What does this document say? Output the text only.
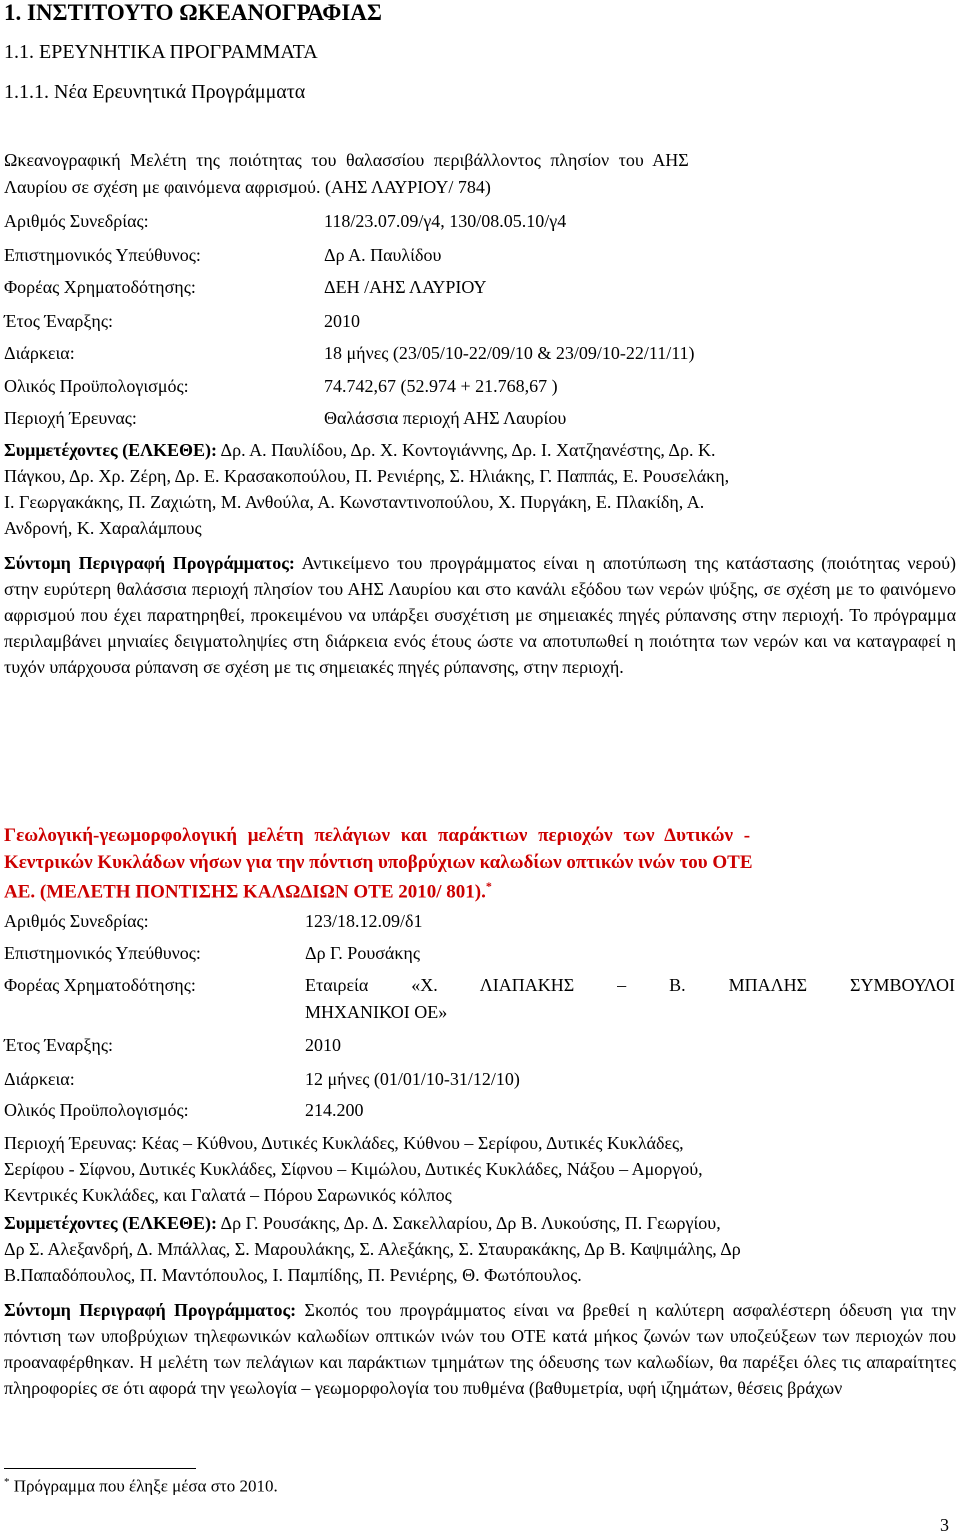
1. ΙΝΣΤΙΤΟΥΤΟ ΩΚΕΑΝΟΓΡΑΦΙΑΣ
1.1. ΕΡΕΥΝΗΤΙΚΑ ΠΡΟΓΡΑΜΜΑΤΑ
1.1.1. Νέα Ερευνητικά Προγράμματα
Ωκεανογραφική Μελέτη της ποιότητας του θαλασσίου περιβάλλοντος πλησίον του ΑΗΣ
Λαυρίου σε σχέση με φαινόμενα αφρισμού. (ΑΗΣ ΛΑΥΡΙΟΥ/ 784)
Αριθμός Συνεδρίας:	118/23.07.09/γ4, 130/08.05.10/γ4
Επιστημονικός Υπεύθυνος:	Δρ Α. Παυλίδου
Φορέας Χρηματοδότησης:	ΔΕΗ /ΑΗΣ ΛΑΥΡΙΟΥ
Έτος Έναρξης:	2010
Διάρκεια:	18 μήνες (23/05/10-22/09/10 & 23/09/10-22/11/11)
Ολικός Προϋπολογισμός:	74.742,67 (52.974 + 21.768,67 )
Περιοχή Έρευνας:	Θαλάσσια περιοχή ΑΗΣ Λαυρίου
Συμμετέχοντες (ΕΛΚΕΘΕ): Δρ. Α. Παυλίδου, Δρ. Χ. Κοντογιάννης, Δρ. Ι. Χατζηανέστης, Δρ. Κ.
Πάγκου, Δρ. Χρ. Ζέρη, Δρ. Ε. Κρασακοπούλου, Π. Ρενιέρης, Σ. Ηλιάκης, Γ. Παππάς, Ε. Ρουσελάκη,
Ι. Γεωργακάκης, Π. Ζαχιώτη, Μ. Ανθούλα, Α. Κωνσταντινοπούλου, Χ. Πυργάκη, Ε. Πλακίδη, Α.
Ανδρονή, Κ. Χαραλάμπους
Σύντομη Περιγραφή Προγράμματος: Αντικείμενο του προγράμματος είναι η αποτύπωση της κατάστασης (ποιότητας νερού) στην ευρύτερη θαλάσσια περιοχή πλησίον του ΑΗΣ Λαυρίου και στο κανάλι εξόδου των νερών ψύξης, σε σχέση με το φαινόμενο αφρισμού που έχει παρατηρηθεί, προκειμένου να υπάρξει συσχέτιση με σημειακές πηγές ρύπανσης στην περιοχή. Το πρόγραμμα περιλαμβάνει μηνιαίες δειγματοληψίες στη διάρκεια ενός έτους ώστε να αποτυπωθεί η ποιότητα των νερών και να καταγραφεί η τυχόν υπάρχουσα ρύπανση σε σχέση με τις σημειακές πηγές ρύπανσης, στην περιοχή.
Γεωλογική-γεωμορφολογική μελέτη πελάγιων και παράκτιων περιοχών των Δυτικών -
Κεντρικών Κυκλάδων νήσων για την πόντιση υποβρύχιων καλωδίων οπτικών ινών του ΟΤΕ
ΑΕ. (ΜΕΛΕΤΗ ΠΟΝΤΙΣΗΣ ΚΑΛΩΔΙΩΝ ΟΤΕ 2010/ 801).*
Αριθμός Συνεδρίας:	123/18.12.09/δ1
Επιστημονικός Υπεύθυνος:	Δρ Γ. Ρουσάκης
Φορέας Χρηματοδότησης:	Εταιρεία «Χ. ΛΙΑΠΑΚΗΣ – Β. ΜΠΑΛΗΣ ΣΥΜΒΟΥΛΟΙ
ΜΗΧΑΝΙΚΟΙ ΟΕ»
Έτος Έναρξης:	2010
Διάρκεια:	12 μήνες (01/01/10-31/12/10)
Ολικός Προϋπολογισμός:	214.200
Περιοχή Έρευνας: Κέας – Κύθνου, Δυτικές Κυκλάδες, Κύθνου – Σερίφου, Δυτικές Κυκλάδες,
Σερίφου - Σίφνου, Δυτικές Κυκλάδες, Σίφνου – Κιμώλου, Δυτικές Κυκλάδες, Νάξου – Αμοργού,
Κεντρικές Κυκλάδες, και Γαλατά – Πόρου Σαρωνικός κόλπος
Συμμετέχοντες (ΕΛΚΕΘΕ): Δρ Γ. Ρουσάκης, Δρ. Δ. Σακελλαρίου, Δρ Β. Λυκούσης, Π. Γεωργίου,
Δρ Σ. Αλεξανδρή, Δ. Μπάλλας, Σ. Μαρουλάκης, Σ. Αλεξάκης, Σ. Σταυρακάκης, Δρ Β. Καψιμάλης, Δρ
Β.Παπαδόπουλος, Π. Μαντόπουλος, Ι. Παμπίδης, Π. Ρενιέρης, Θ. Φωτόπουλος.
Σύντομη Περιγραφή Προγράμματος: Σκοπός του προγράμματος είναι να βρεθεί η καλύτερη ασφαλέστερη όδευση για την πόντιση των υποβρύχιων τηλεφωνικών καλωδίων οπτικών ινών του ΟΤΕ κατά μήκος ζωνών των υποζεύξεων των περιοχών που προαναφέρθηκαν. Η μελέτη των πελάγιων και παράκτιων τμημάτων της όδευσης των καλωδίων, θα παρέξει όλες τις απαραίτητες πληροφορίες σε ότι αφορά την γεωλογία – γεωμορφολογία του πυθμένα (βαθυμετρία, υφή ιζημάτων, θέσεις βράχων
* Πρόγραμμα που έληξε μέσα στο 2010.
3
